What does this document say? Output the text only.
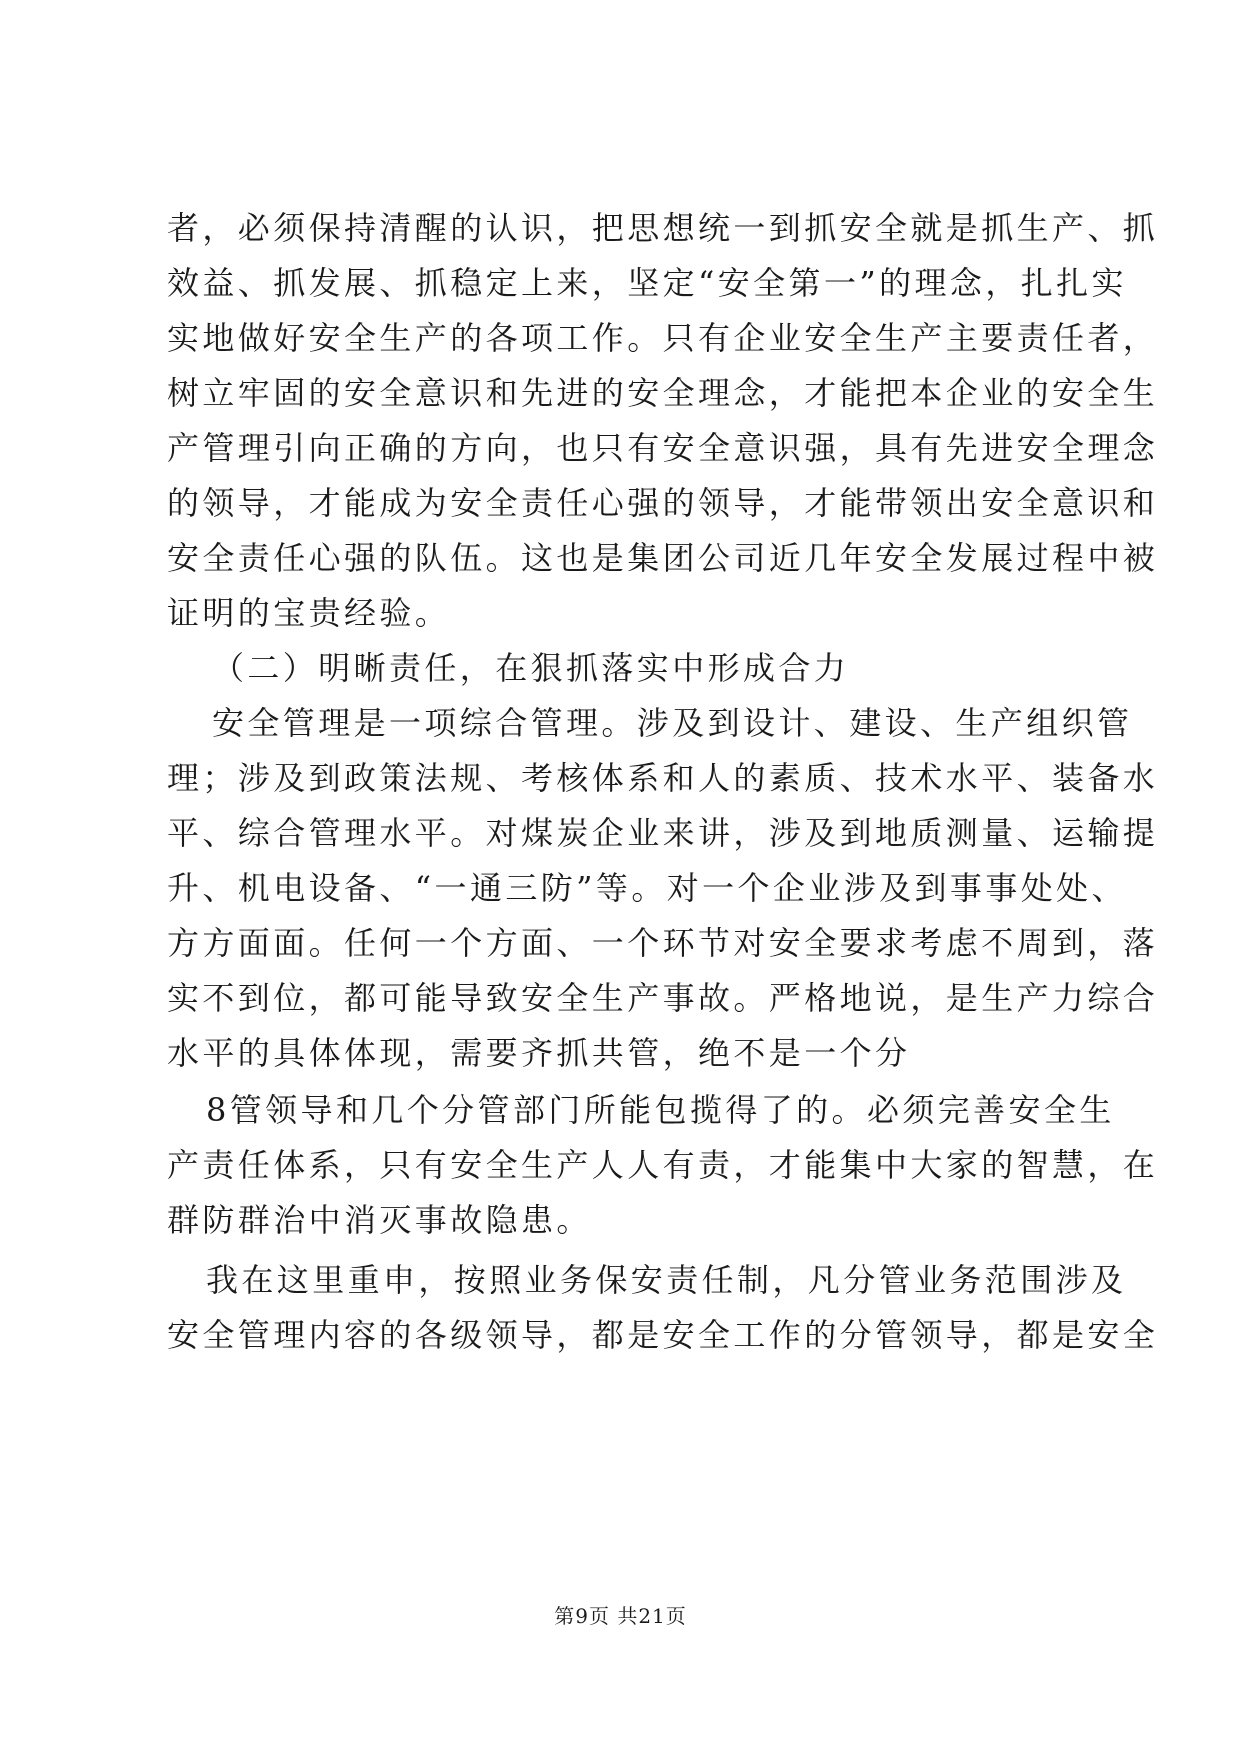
者，必须保持清醒的认识，把思想统一到抓安全就是抓生产、抓
效益、抓发展、抓稳定上来，坚定“安全第一”的理念，扎扎实
实地做好安全生产的各项工作。只有企业安全生产主要责任者，
树立牢固的安全意识和先进的安全理念，才能把本企业的安全生
产管理引向正确的方向，也只有安全意识强，具有先进安全理念
的领导，才能成为安全责任心强的领导，才能带领出安全意识和
安全责任心强的队伍。这也是集团公司近几年安全发展过程中被
证明的宝贵经验。
（二）明晰责任，在狠抓落实中形成合力
安全管理是一项综合管理。涉及到设计、建设、生产组织管
理；涉及到政策法规、考核体系和人的素质、技术水平、装备水
平、综合管理水平。对煤炭企业来讲，涉及到地质测量、运输提
升、机电设备、“一通三防”等。对一个企业涉及到事事处处、
方方面面。任何一个方面、一个环节对安全要求考虑不周到，落
实不到位，都可能导致安全生产事故。严格地说，是生产力综合
水平的具体体现，需要齐抓共管，绝不是一个分
8管领导和几个分管部门所能包揽得了的。必须完善安全生
产责任体系，只有安全生产人人有责，才能集中大家的智慧，在
群防群治中消灭事故隐患。
我在这里重申，按照业务保安责任制，凡分管业务范围涉及
安全管理内容的各级领导，都是安全工作的分管领导，都是安全
第9页 共21页
